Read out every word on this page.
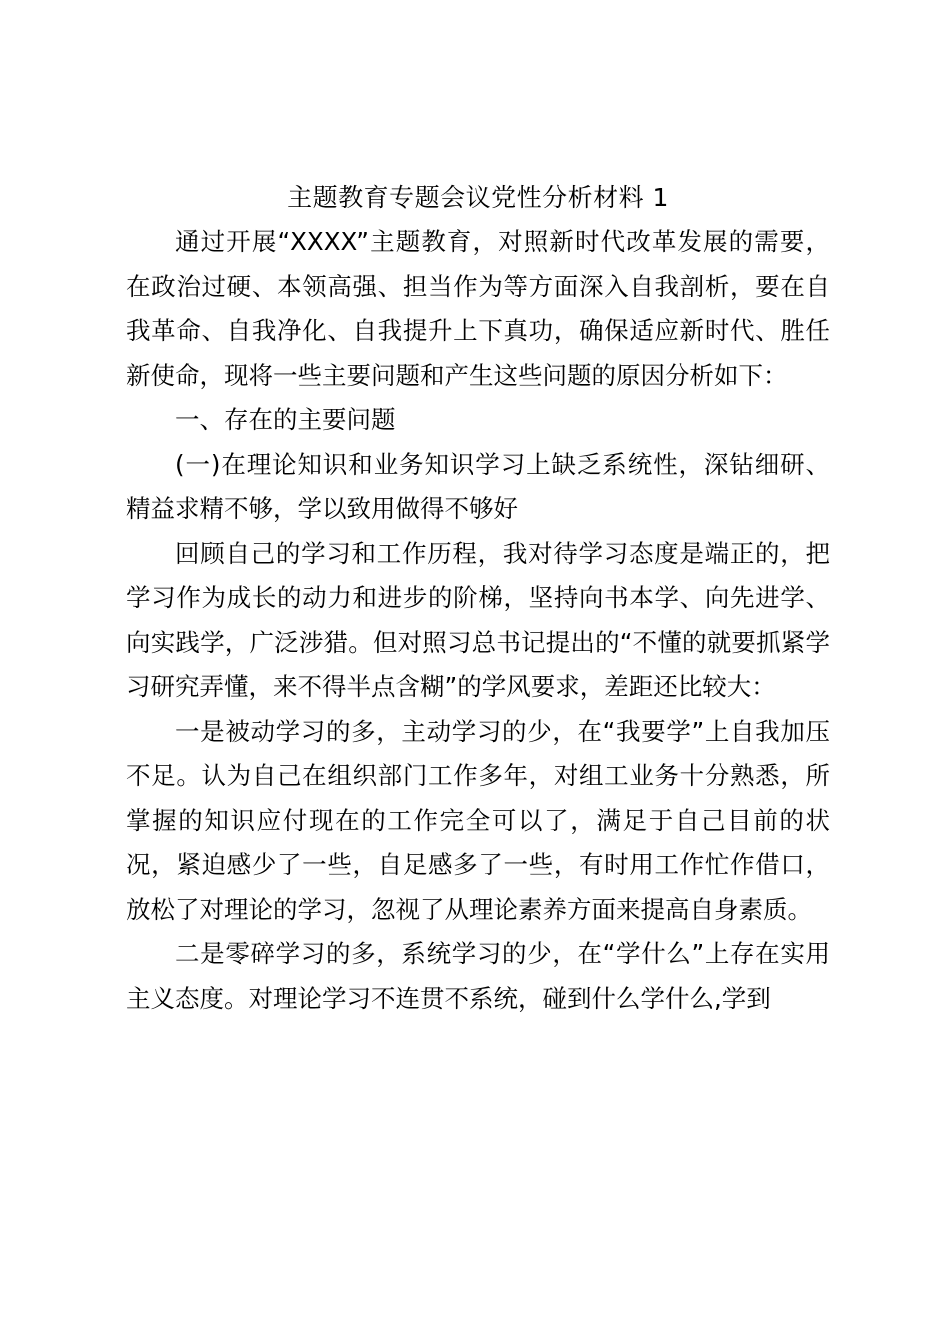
主题教育专题会议党性分析材料 1

通过开展“XXXX”主题教育，对照新时代改革发展的需要，在政治过硬、本领高强、担当作为等方面深入自我剖析，要在自我革命、自我净化、自我提升上下真功，确保适应新时代、胜任新使命，现将一些主要问题和产生这些问题的原因分析如下：

一、存在的主要问题

(一)在理论知识和业务知识学习上缺乏系统性，深钻细研、精益求精不够，学以致用做得不够好

回顾自己的学习和工作历程，我对待学习态度是端正的，把学习作为成长的动力和进步的阶梯，坚持向书本学、向先进学、向实践学，广泛涉猎。但对照习总书记提出的“不懂的就要抓紧学习研究弄懂，来不得半点含糊”的学风要求，差距还比较大：

一是被动学习的多，主动学习的少，在“我要学”上自我加压不足。认为自己在组织部门工作多年，对组工业务十分熟悉，所掌握的知识应付现在的工作完全可以了，满足于自己目前的状况，紧迫感少了一些，自足感多了一些，有时用工作忙作借口，放松了对理论的学习，忽视了从理论素养方面来提高自身素质。

二是零碎学习的多，系统学习的少，在“学什么”上存在实用主义态度。对理论学习不连贯不系统，碰到什么学什么,学到
